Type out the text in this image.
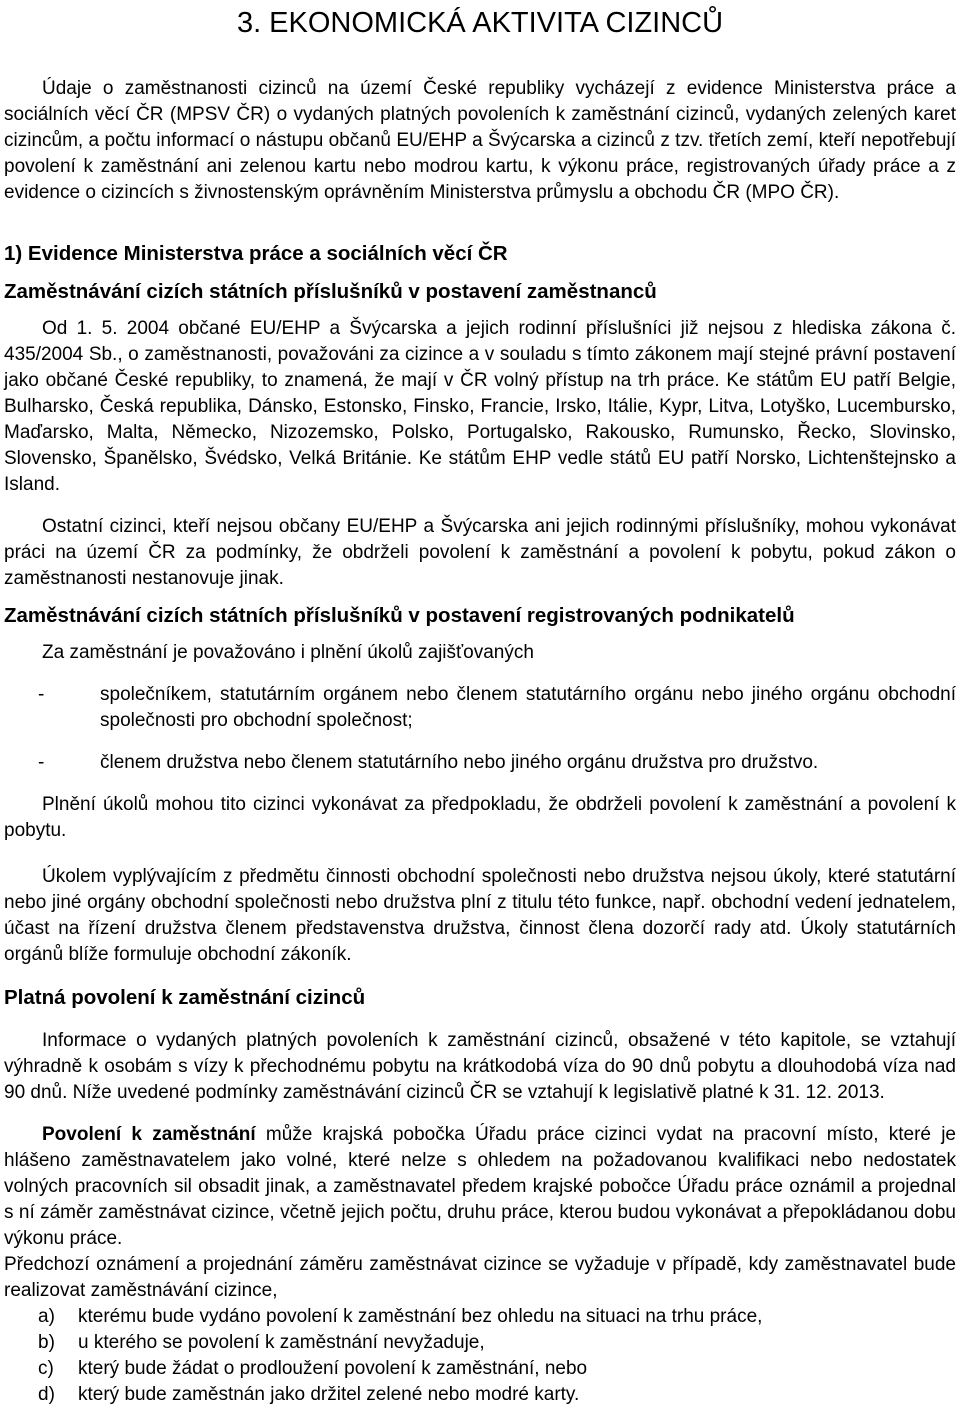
3. EKONOMICKÁ AKTIVITA CIZINCŮ

Údaje o zaměstnanosti cizinců na území České republiky vycházejí z evidence Ministerstva práce a sociálních věcí ČR (MPSV ČR) o vydaných platných povoleních k zaměstnání cizinců, vydaných zelených karet cizincům, a počtu informací o nástupu občanů EU/EHP a Švýcarska a cizinců z tzv. třetích zemí, kteří nepotřebují povolení k zaměstnání ani zelenou kartu nebo modrou kartu, k výkonu práce, registrovaných úřady práce a z evidence o cizincích s živnostenským oprávněním Ministerstva průmyslu a obchodu ČR (MPO ČR).

1) Evidence Ministerstva práce a sociálních věcí ČR
Zaměstnávání cizích státních příslušníků v postavení zaměstnanců

Od 1. 5. 2004 občané EU/EHP a Švýcarska a jejich rodinní příslušníci již nejsou z hlediska zákona č. 435/2004 Sb., o zaměstnanosti, považováni za cizince a v souladu s tímto zákonem mají stejné právní postavení jako občané České republiky, to znamená, že mají v ČR volný přístup na trh práce. Ke státům EU patří Belgie, Bulharsko, Česká republika, Dánsko, Estonsko, Finsko, Francie, Irsko, Itálie, Kypr, Litva, Lotyško, Lucembursko, Maďarsko, Malta, Německo, Nizozemsko, Polsko, Portugalsko, Rakousko, Rumunsko, Řecko, Slovinsko, Slovensko, Španělsko, Švédsko, Velká Británie. Ke státům EHP vedle států EU patří Norsko, Lichtenštejnsko a Island.

Ostatní cizinci, kteří nejsou občany EU/EHP a Švýcarska ani jejich rodinnými příslušníky, mohou vykonávat práci na území ČR za podmínky, že obdrželi povolení k zaměstnání a povolení k pobytu, pokud zákon o zaměstnanosti nestanovuje jinak.

Zaměstnávání cizích státních příslušníků v postavení registrovaných podnikatelů

Za zaměstnání je považováno i plnění úkolů zajišťovaných

-	společníkem, statutárním orgánem nebo členem statutárního orgánu nebo jiného orgánu obchodní společnosti pro obchodní společnost;
-	členem družstva nebo členem statutárního nebo jiného orgánu družstva pro družstvo.

Plnění úkolů mohou tito cizinci vykonávat za předpokladu, že obdrželi povolení k zaměstnání a povolení k pobytu.

Úkolem vyplývajícím z předmětu činnosti obchodní společnosti nebo družstva nejsou úkoly, které statutární nebo jiné orgány obchodní společnosti nebo družstva plní z titulu této funkce, např. obchodní vedení jednatelem, účast na řízení družstva členem představenstva družstva, činnost člena dozorčí rady atd. Úkoly statutárních orgánů blíže formuluje obchodní zákoník.

Platná povolení k zaměstnání cizinců

Informace o vydaných platných povoleních k zaměstnání cizinců, obsažené v této kapitole, se vztahují výhradně k osobám s vízy k přechodnému pobytu na krátkodobá víza do 90 dnů pobytu a dlouhodobá víza nad 90 dnů. Níže uvedené podmínky zaměstnávání cizinců ČR se vztahují k legislativě platné k 31. 12. 2013.

Povolení k zaměstnání může krajská pobočka Úřadu práce cizinci vydat na pracovní místo, které je hlášeno zaměstnavatelem jako volné, které nelze s ohledem na požadovanou kvalifikaci nebo nedostatek volných pracovních sil obsadit jinak, a zaměstnavatel předem krajské pobočce Úřadu práce oznámil a projednal s ní záměr zaměstnávat cizince, včetně jejich počtu, druhu práce, kterou budou vykonávat a přepokládanou dobu výkonu práce.

Předchozí oznámení a projednání záměru zaměstnávat cizince se vyžaduje v případě, kdy zaměstnavatel bude realizovat zaměstnávání cizince,

a)	kterému bude vydáno povolení k zaměstnání bez ohledu na situaci na trhu práce,
b)	u kterého se povolení k zaměstnání nevyžaduje,
c)	který bude žádat o prodloužení povolení k zaměstnání, nebo
d)	který bude zaměstnán jako držitel zelené nebo modré karty.
